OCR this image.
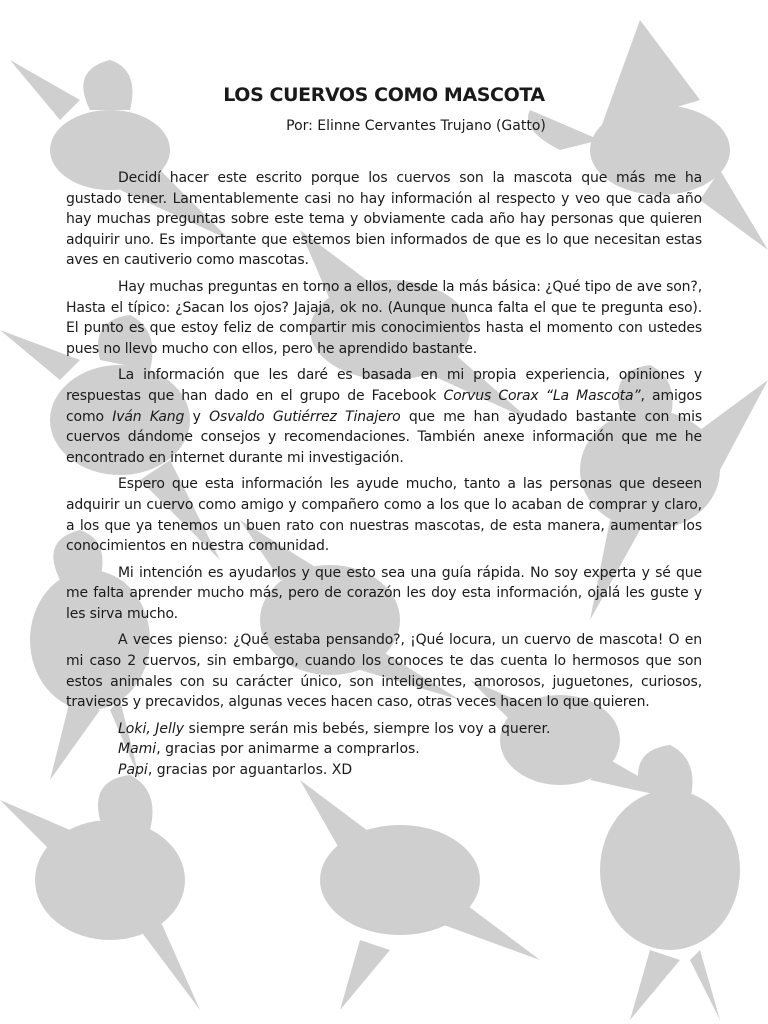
LOS CUERVOS COMO MASCOTA
Por: Elinne Cervantes Trujano (Gatto)

Decidí hacer este escrito porque los cuervos son la mascota que más me ha gustado tener. Lamentablemente casi no hay información al respecto y veo que cada año hay muchas preguntas sobre este tema y obviamente cada año hay personas que quieren adquirir uno. Es importante que estemos bien informados de que es lo que necesitan estas aves en cautiverio como mascotas.

Hay muchas preguntas en torno a ellos, desde la más básica: ¿Qué tipo de ave son?, Hasta el típico: ¿Sacan los ojos? Jajaja, ok no. (Aunque nunca falta el que te pregunta eso). El punto es que estoy feliz de compartir mis conocimientos hasta el momento con ustedes pues no llevo mucho con ellos, pero he aprendido bastante.

La información que les daré es basada en mi propia experiencia, opiniones y respuestas que han dado en el grupo de Facebook Corvus Corax “La Mascota”, amigos como Iván Kang y Osvaldo Gutiérrez Tinajero que me han ayudado bastante con mis cuervos dándome consejos y recomendaciones. También anexe información que me he encontrado en internet durante mi investigación.

Espero que esta información les ayude mucho, tanto a las personas que deseen adquirir un cuervo como amigo y compañero como a los que lo acaban de comprar y claro, a los que ya tenemos un buen rato con nuestras mascotas, de esta manera, aumentar los conocimientos en nuestra comunidad.

Mi intención es ayudarlos y que esto sea una guía rápida. No soy experta y sé que me falta aprender mucho más, pero de corazón les doy esta información, ojalá les guste y les sirva mucho.

A veces pienso: ¿Qué estaba pensando?, ¡Qué locura, un cuervo de mascota! O en mi caso 2 cuervos, sin embargo, cuando los conoces te das cuenta lo hermosos que son estos animales con su carácter único, son inteligentes, amorosos, juguetones, curiosos, traviesos y precavidos, algunas veces hacen caso, otras veces hacen lo que quieren.

Loki, Jelly siempre serán mis bebés, siempre los voy a querer.
Mami, gracias por animarme a comprarlos.
Papi, gracias por aguantarlos. XD
